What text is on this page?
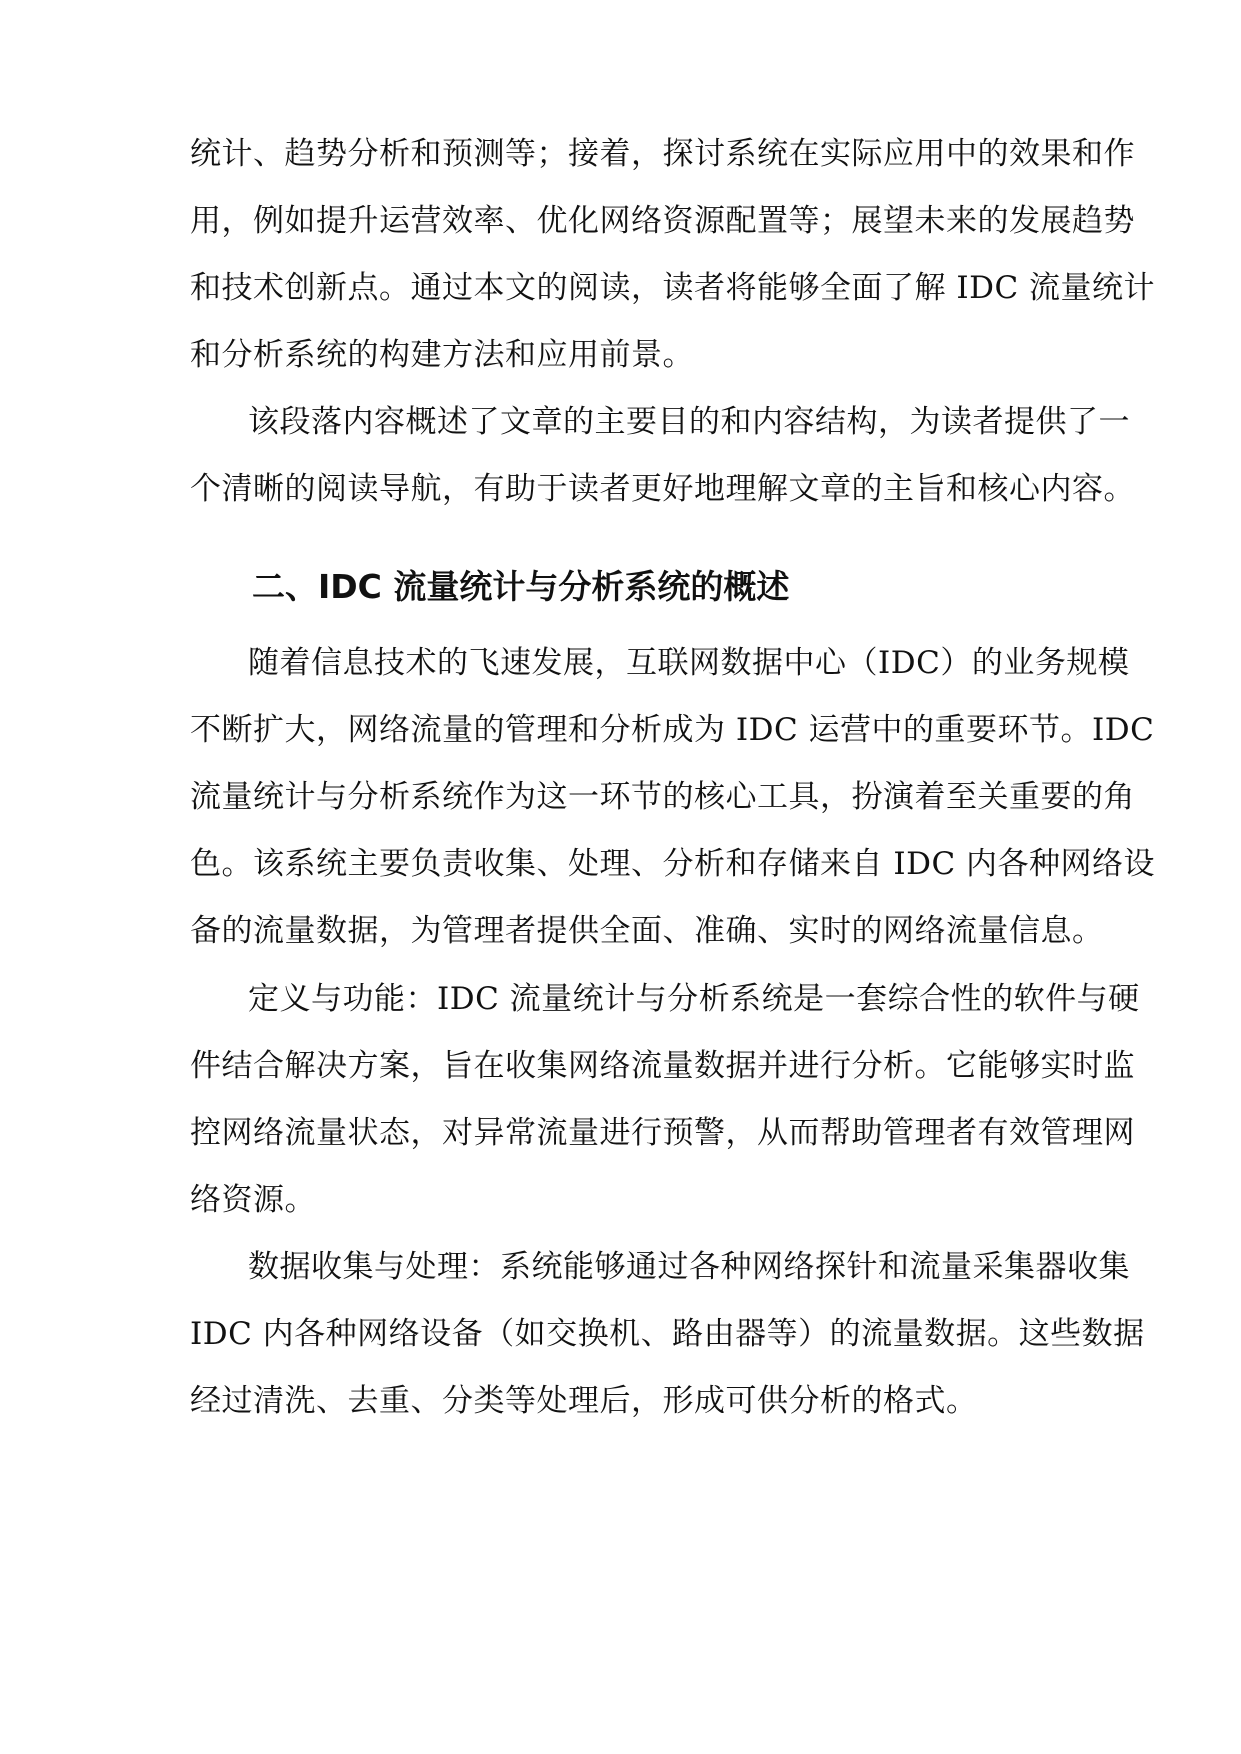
统计、趋势分析和预测等；接着，探讨系统在实际应用中的效果和作
用，例如提升运营效率、优化网络资源配置等；展望未来的发展趋势
和技术创新点。通过本文的阅读，读者将能够全面了解 IDC 流量统计
和分析系统的构建方法和应用前景。
该段落内容概述了文章的主要目的和内容结构，为读者提供了一
个清晰的阅读导航，有助于读者更好地理解文章的主旨和核心内容。
二、IDC 流量统计与分析系统的概述
随着信息技术的飞速发展，互联网数据中心（IDC）的业务规模
不断扩大，网络流量的管理和分析成为 IDC 运营中的重要环节。IDC
流量统计与分析系统作为这一环节的核心工具，扮演着至关重要的角
色。该系统主要负责收集、处理、分析和存储来自 IDC 内各种网络设
备的流量数据，为管理者提供全面、准确、实时的网络流量信息。
定义与功能：IDC 流量统计与分析系统是一套综合性的软件与硬
件结合解决方案，旨在收集网络流量数据并进行分析。它能够实时监
控网络流量状态，对异常流量进行预警，从而帮助管理者有效管理网
络资源。
数据收集与处理：系统能够通过各种网络探针和流量采集器收集
IDC 内各种网络设备（如交换机、路由器等）的流量数据。这些数据
经过清洗、去重、分类等处理后，形成可供分析的格式。
